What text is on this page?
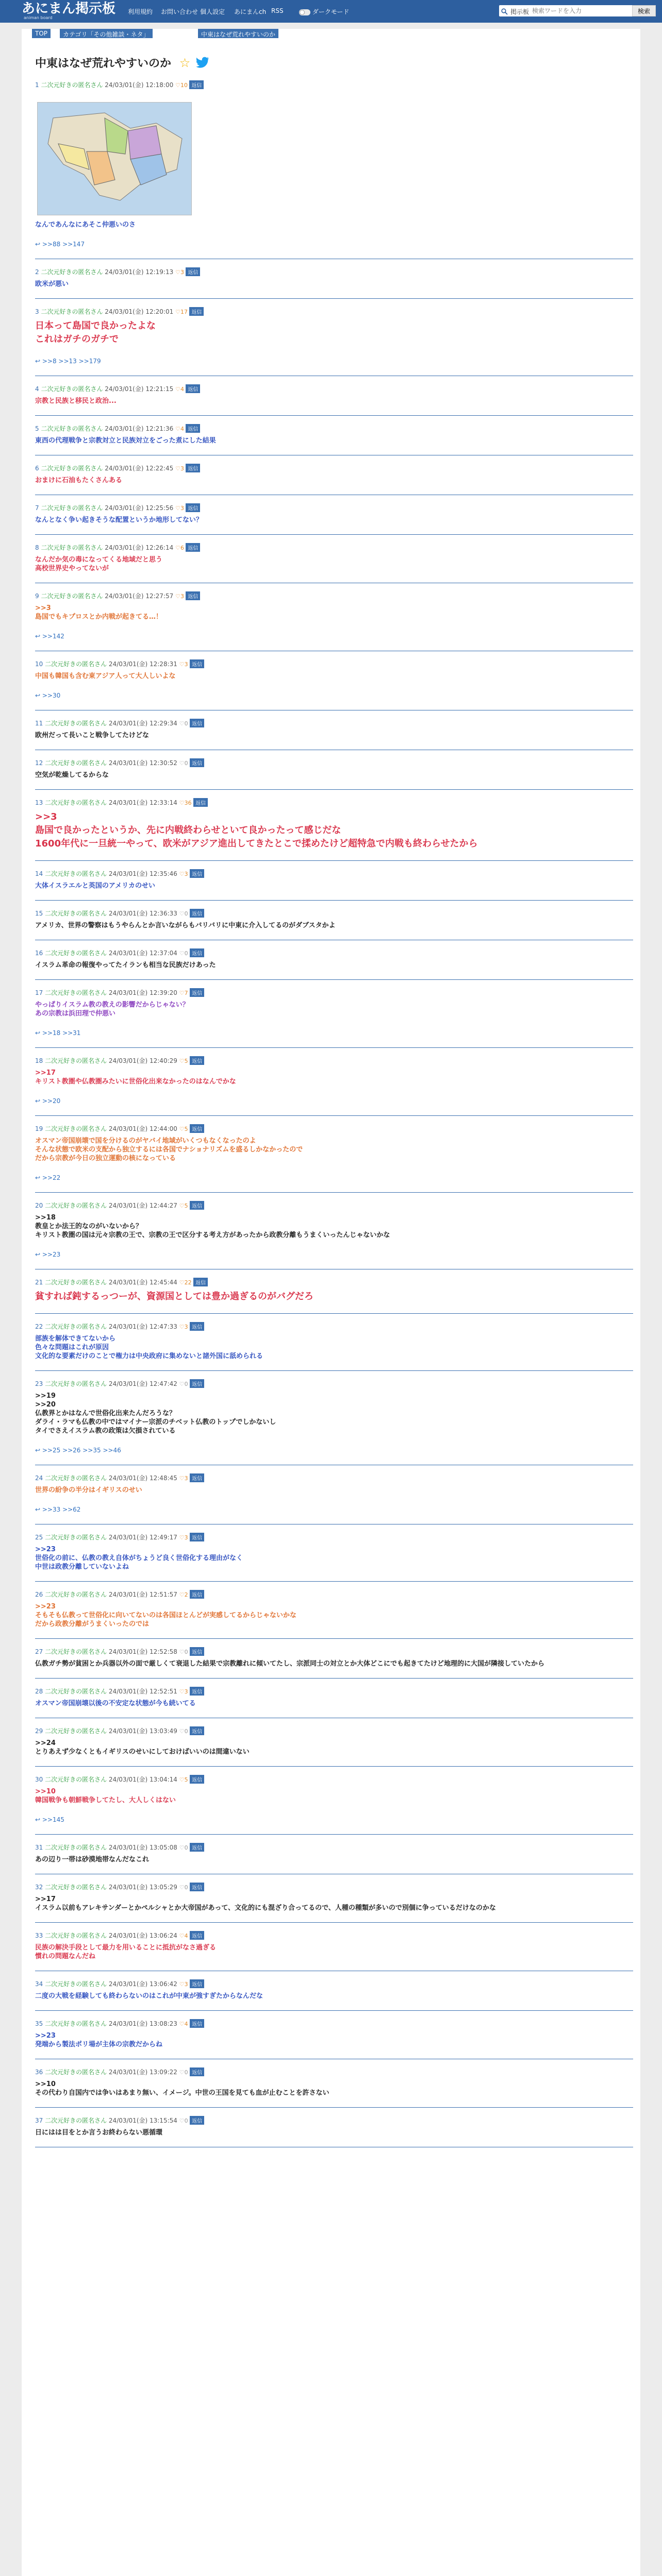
あにまん掲示板
animan board
利用規約 お問い合わせ 個人設定 あにまんch RSS	ダークモード	掲示板
検索ワードを入力	検索
TOP	カテゴリ「その他雑談・ネタ」	中東はなぜ荒れやすいのか
中東はなぜ荒れやすいのか ☆
1 二次元好きの匿名さん 24/03/01(金) 12:18:00 ♡10 返信
なんであんなにあそこ仲悪いのさ
↩ >>88 >>147
2 二次元好きの匿名さん 24/03/01(金) 12:19:13 ♡3 返信
欧米が悪い
3 二次元好きの匿名さん 24/03/01(金) 12:20:01 ♡17 返信
日本って島国で良かったよな
これはガチのガチで
↩ >>8 >>13 >>179
4 二次元好きの匿名さん 24/03/01(金) 12:21:15 ♡4 返信
宗教と民族と移民と政治...
5 二次元好きの匿名さん 24/03/01(金) 12:21:36 ♡4 返信
東西の代理戦争と宗教対立と民族対立をごった煮にした結果
6 二次元好きの匿名さん 24/03/01(金) 12:22:45 ♡3 返信
おまけに石油もたくさんある
7 二次元好きの匿名さん 24/03/01(金) 12:25:56 ♡3 返信
なんとなく争い起きそうな配置というか地形してない？
8 二次元好きの匿名さん 24/03/01(金) 12:26:14 ♡6 返信
なんだか気の毒になってくる地域だと思う
高校世界史やってないが
9 二次元好きの匿名さん 24/03/01(金) 12:27:57 ♡3 返信
>>3
島国でもキプロスとか内戦が起きてる…！
↩ >>142
10 二次元好きの匿名さん 24/03/01(金) 12:28:31 ♡3 返信
中国も韓国も含む東アジア人って大人しいよな
↩ >>30
11 二次元好きの匿名さん 24/03/01(金) 12:29:34 ♡0 返信
欧州だって長いこと戦争してたけどな
12 二次元好きの匿名さん 24/03/01(金) 12:30:52 ♡0 返信
空気が乾燥してるからな
13 二次元好きの匿名さん 24/03/01(金) 12:33:14 ♡36 返信
>>3
島国で良かったというか、先に内戦終わらせといて良かったって感じだな
1600年代に一旦統一やって、欧米がアジア進出してきたとこで揉めたけど超特急で内戦も終わらせたから
14 二次元好きの匿名さん 24/03/01(金) 12:35:46 ♡3 返信
大体イスラエルと英国のアメリカのせい
15 二次元好きの匿名さん 24/03/01(金) 12:36:33 ♡0 返信
アメリカ、世界の警察はもうやらんとか言いながらもバリバリに中東に介入してるのがダブスタかよ
16 二次元好きの匿名さん 24/03/01(金) 12:37:04 ♡0 返信
イスラム革命の報復やってたイランも相当な民族だけあった
17 二次元好きの匿名さん 24/03/01(金) 12:39:20 ♡7 返信
やっぱりイスラム教の教えの影響だからじゃない？
あの宗教は浜田理で仲悪い
↩ >>18 >>31
18 二次元好きの匿名さん 24/03/01(金) 12:40:29 ♡5 返信
>>17
キリスト教圏や仏教圏みたいに世俗化出来なかったのはなんでかな
↩ >>20
19 二次元好きの匿名さん 24/03/01(金) 12:44:00 ♡5 返信
オスマン帝国崩壊で国を分けるのがヤバイ地域がいくつもなくなったのよ
そんな状態で欧米の支配から独立するには各国でナショナリズムを盛るしかなかったので
だから宗教が今日の独立運動の核になっている
↩ >>22
20 二次元好きの匿名さん 24/03/01(金) 12:44:27 ♡5 返信
>>18
教皇とか法王的なのがいないから？
キリスト教圏の国は元々宗教の王で、宗教の王で区分する考え方があったから政教分離もうまくいったんじゃないかな
↩ >>23
21 二次元好きの匿名さん 24/03/01(金) 12:45:44 ♡22 返信
貧すれば鈍するっつーが、資源国としては豊か過ぎるのがバグだろ
22 二次元好きの匿名さん 24/03/01(金) 12:47:33 ♡3 返信
部族を解体できてないから
色々な問題はこれが原因
文化的な要素だけのことで権力は中央政府に集めないと諸外国に舐められる
23 二次元好きの匿名さん 24/03/01(金) 12:47:42 ♡0 返信
>>19
>>20
仏教界とかはなんで世俗化出来たんだろうな？
ダライ・ラマも仏教の中ではマイナー宗派のチベット仏教のトップでしかないし
タイでさえイスラム教の政策は欠損されている
↩ >>25 >>26 >>35 >>46
24 二次元好きの匿名さん 24/03/01(金) 12:48:45 ♡3 返信
世界の紛争の半分はイギリスのせい
↩ >>33 >>62
25 二次元好きの匿名さん 24/03/01(金) 12:49:17 ♡3 返信
>>23
世俗化の前に、仏教の教え自体がちょうど良く世俗化する理由がなく
中世は政教分離していないよね
26 二次元好きの匿名さん 24/03/01(金) 12:51:57 ♡2 返信
>>23
そもそも仏教って世俗化に向いてないのは各国ほとんどが実感してるからじゃないかな
だから政教分離がうまくいったのでは
27 二次元好きの匿名さん 24/03/01(金) 12:52:58 ♡0 返信
仏教ガチ勢が貧困とか兵器以外の面で厳しくて衰退した結果で宗教離れに傾いてたし、宗派同士の対立とか大体どこにでも起きてたけど地理的に大国が隣接していたから
28 二次元好きの匿名さん 24/03/01(金) 12:52:51 ♡3 返信
オスマン帝国崩壊以後の不安定な状態が今も続いてる
29 二次元好きの匿名さん 24/03/01(金) 13:03:49 ♡0 返信
>>24
とりあえず少なくともイギリスのせいにしておけばいいのは間違いない
30 二次元好きの匿名さん 24/03/01(金) 13:04:14 ♡5 返信
>>10
韓国戦争も朝鮮戦争してたし、大人しくはない
↩ >>145
31 二次元好きの匿名さん 24/03/01(金) 13:05:08 ♡0 返信
あの辺り一帯は砂漠地帯なんだなこれ
32 二次元好きの匿名さん 24/03/01(金) 13:05:29 ♡0 返信
>>17
イスラム以前もアレキサンダーとかペルシャとか大帝国があって、文化的にも混ざり合ってるので、人種の種類が多いので別個に争っているだけなのかな
33 二次元好きの匿名さん 24/03/01(金) 13:06:24 ♡4 返信
民族の解決手段として最力を用いることに抵抗がなさ過ぎる
慣れの問題なんだね
34 二次元好きの匿名さん 24/03/01(金) 13:06:42 ♡3 返信
二度の大戦を経験しても終わらないのはこれが中東が強すぎたからなんだな
35 二次元好きの匿名さん 24/03/01(金) 13:08:23 ♡4 返信
>>23
発端から製法ポリ場が主体の宗教だからね
36 二次元好きの匿名さん 24/03/01(金) 13:09:22 ♡0 返信
>>10
その代わり自国内では争いはあまり無い、イメージ。中世の王国を見ても血が止むことを許さない
37 二次元好きの匿名さん 24/03/01(金) 13:15:54 ♡0 返信
日にはは目をとか言うお終わらない悪循環
